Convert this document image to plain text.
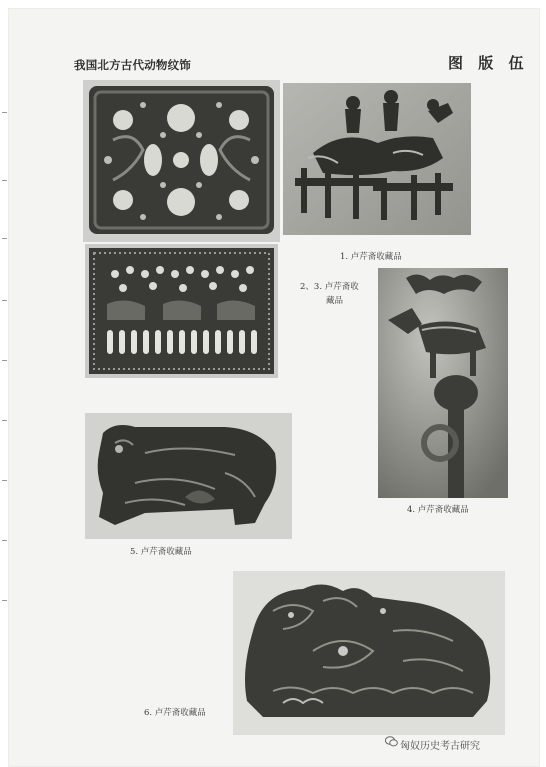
我国北方古代动物纹饰	图 版 伍
1. 卢芹斋收藏品
2、3. 卢芹斋收
藏品
4. 卢芹斋收藏品
5. 卢芹斋收藏品
6. 卢芹斋收藏品
匈奴历史考古研究
